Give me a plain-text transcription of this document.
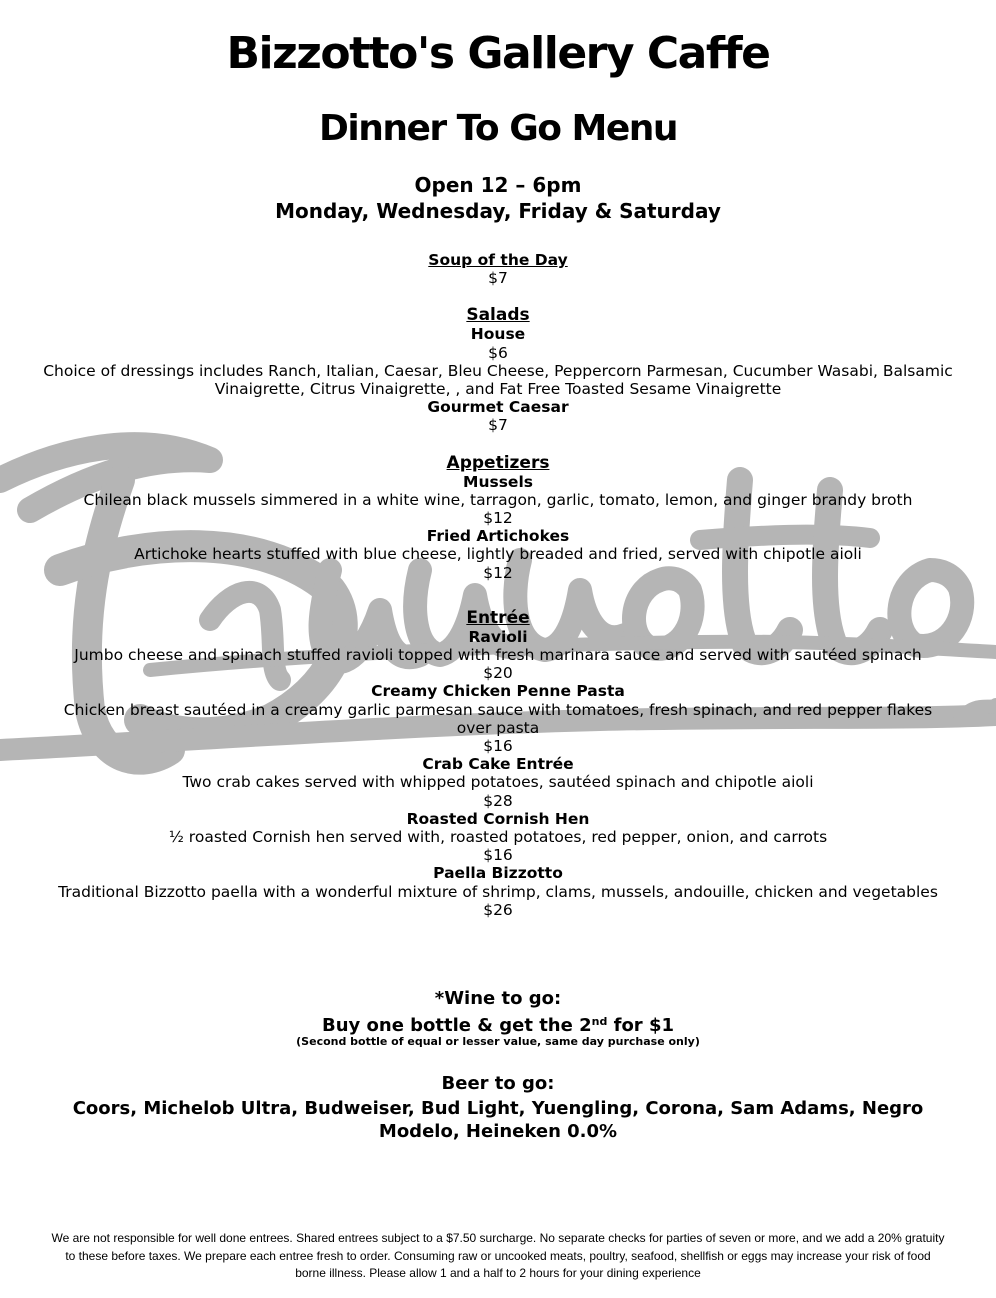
Bizzotto's Gallery Caffe
Dinner To Go Menu
Open 12 – 6pm
Monday, Wednesday, Friday & Saturday
Soup of the Day
$7
Salads
House
$6
Choice of dressings includes Ranch, Italian, Caesar, Bleu Cheese, Peppercorn Parmesan, Cucumber Wasabi, Balsamic Vinaigrette, Citrus Vinaigrette, , and Fat Free Toasted Sesame Vinaigrette
Gourmet Caesar
$7
Appetizers
Mussels
Chilean black mussels simmered in a white wine, tarragon, garlic, tomato, lemon, and ginger brandy broth
$12
Fried Artichokes
Artichoke hearts stuffed with blue cheese, lightly breaded and fried, served with chipotle aioli
$12
Entrée
Ravioli
Jumbo cheese and spinach stuffed ravioli topped with fresh marinara sauce and served with sautéed spinach
$20
Creamy Chicken Penne Pasta
Chicken breast sautéed in a creamy garlic parmesan sauce with tomatoes, fresh spinach, and red pepper flakes over pasta
$16
Crab Cake Entrée
Two crab cakes served with whipped potatoes, sautéed spinach and chipotle aioli
$28
Roasted Cornish Hen
½ roasted Cornish hen served with, roasted potatoes, red pepper, onion, and carrots
$16
Paella Bizzotto
Traditional Bizzotto paella with a wonderful mixture of shrimp, clams, mussels, andouille, chicken and vegetables
$26
*Wine to go:
Buy one bottle & get the 2nd for $1
(Second bottle of equal or lesser value, same day purchase only)
Beer to go:
Coors, Michelob Ultra, Budweiser, Bud Light, Yuengling, Corona, Sam Adams, Negro Modelo, Heineken 0.0%
We are not responsible for well done entrees. Shared entrees subject to a $7.50 surcharge. No separate checks for parties of seven or more, and we add a 20% gratuity to these before taxes. We prepare each entree fresh to order. Consuming raw or uncooked meats, poultry, seafood, shellfish or eggs may increase your risk of food borne illness. Please allow 1 and a half to 2 hours for your dining experience
